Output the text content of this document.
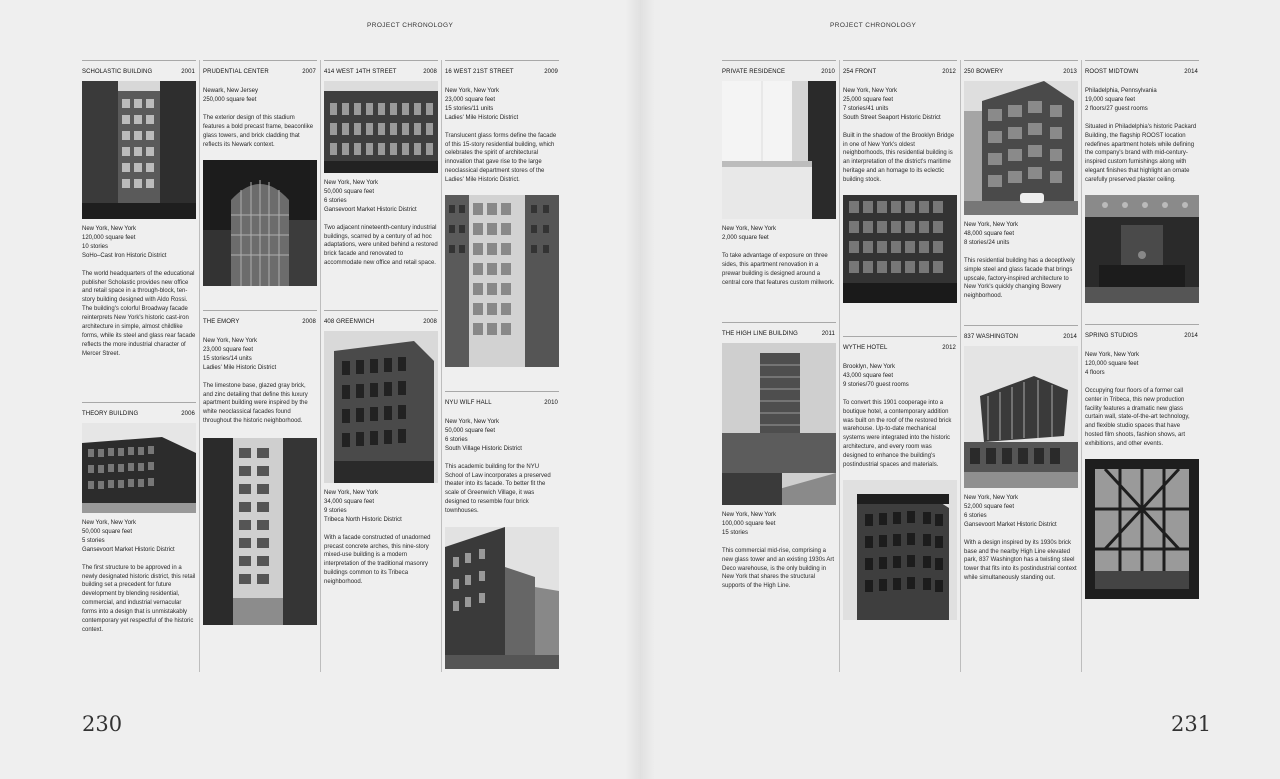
PROJECT CHRONOLOGY	PROJECT CHRONOLOGY
SCHOLASTIC BUILDING	2001
New York, New York
120,000 square feet
10 stories
SoHo–Cast Iron Historic District
The world headquarters of the educational publisher Scholastic provides new office and retail space in a through-block, ten-story building designed with Aldo Rossi. The building's colorful Broadway facade reinterprets New York's historic cast-iron architecture in simple, almost childlike forms, while its steel and glass rear facade reflects the more industrial character of Mercer Street.
THEORY BUILDING	2006
New York, New York
50,000 square feet
5 stories
Gansevoort Market Historic District
The first structure to be approved in a newly designated historic district, this retail building set a precedent for future development by blending residential, commercial, and industrial vernacular forms into a design that is unmistakably contemporary yet respectful of the historic context.
PRUDENTIAL CENTER	2007
Newark, New Jersey
250,000 square feet
The exterior design of this stadium features a bold precast frame, beaconlike glass towers, and brick cladding that reflects its Newark context.
THE EMORY	2008
New York, New York
23,000 square feet
15 stories/14 units
Ladies' Mile Historic District
The limestone base, glazed gray brick, and zinc detailing that define this luxury apartment building were inspired by the white neoclassical facades found throughout the historic neighborhood.
414 WEST 14TH STREET	2008
New York, New York
50,000 square feet
6 stories
Gansevoort Market Historic District
Two adjacent nineteenth-century industrial buildings, scarred by a century of ad hoc adaptations, were united behind a restored brick facade and renovated to accommodate new office and retail space.
408 GREENWICH	2008
New York, New York
34,000 square feet
9 stories
Tribeca North Historic District
With a facade constructed of unadorned precast concrete arches, this nine-story mixed-use building is a modern interpretation of the traditional masonry buildings common to its Tribeca neighborhood.
16 WEST 21ST STREET	2009
New York, New York
23,000 square feet
15 stories/11 units
Ladies' Mile Historic District
Translucent glass forms define the facade of this 15-story residential building, which celebrates the spirit of architectural innovation that gave rise to the large neoclassical department stores of the Ladies' Mile Historic District.
NYU WILF HALL	2010
New York, New York
50,000 square feet
6 stories
South Village Historic District
This academic building for the NYU School of Law incorporates a preserved theater into its facade. To better fit the scale of Greenwich Village, it was designed to resemble four brick townhouses.
PRIVATE RESIDENCE	2010
New York, New York
2,000 square feet
To take advantage of exposure on three sides, this apartment renovation in a prewar building is designed around a central core that features custom millwork.
THE HIGH LINE BUILDING	2011
New York, New York
100,000 square feet
15 stories
This commercial mid-rise, comprising a new glass tower and an existing 1930s Art Deco warehouse, is the only building in New York that shares the structural supports of the High Line.
254 FRONT	2012
New York, New York
25,000 square feet
7 stories/41 units
South Street Seaport Historic District
Built in the shadow of the Brooklyn Bridge in one of New York's oldest neighborhoods, this residential building is an interpretation of the district's maritime heritage and an homage to its eclectic building stock.
WYTHE HOTEL	2012
Brooklyn, New York
43,000 square feet
9 stories/70 guest rooms
To convert this 1901 cooperage into a boutique hotel, a contemporary addition was built on the roof of the restored brick warehouse. Up-to-date mechanical systems were integrated into the historic architecture, and every room was designed to enhance the building's postindustrial spaces and materials.
250 BOWERY	2013
New York, New York
48,000 square feet
8 stories/24 units
This residential building has a deceptively simple steel and glass facade that brings upscale, factory-inspired architecture to New York's quickly changing Bowery neighborhood.
837 WASHINGTON	2014
New York, New York
52,000 square feet
6 stories
Gansevoort Market Historic District
With a design inspired by its 1930s brick base and the nearby High Line elevated park, 837 Washington has a twisting steel tower that fits into its postindustrial context while simultaneously standing out.
ROOST MIDTOWN	2014
Philadelphia, Pennsylvania
19,000 square feet
2 floors/27 guest rooms
Situated in Philadelphia's historic Packard Building, the flagship ROOST location redefines apartment hotels while defining the company's brand with mid-century-inspired custom furnishings along with elegant finishes that highlight an ornate carefully preserved plaster ceiling.
SPRING STUDIOS	2014
New York, New York
120,000 square feet
4 floors
Occupying four floors of a former call center in Tribeca, this new production facility features a dramatic new glass curtain wall, state-of-the-art technology, and flexible studio spaces that have hosted film shoots, fashion shows, art exhibitions, and other events.
230	231
